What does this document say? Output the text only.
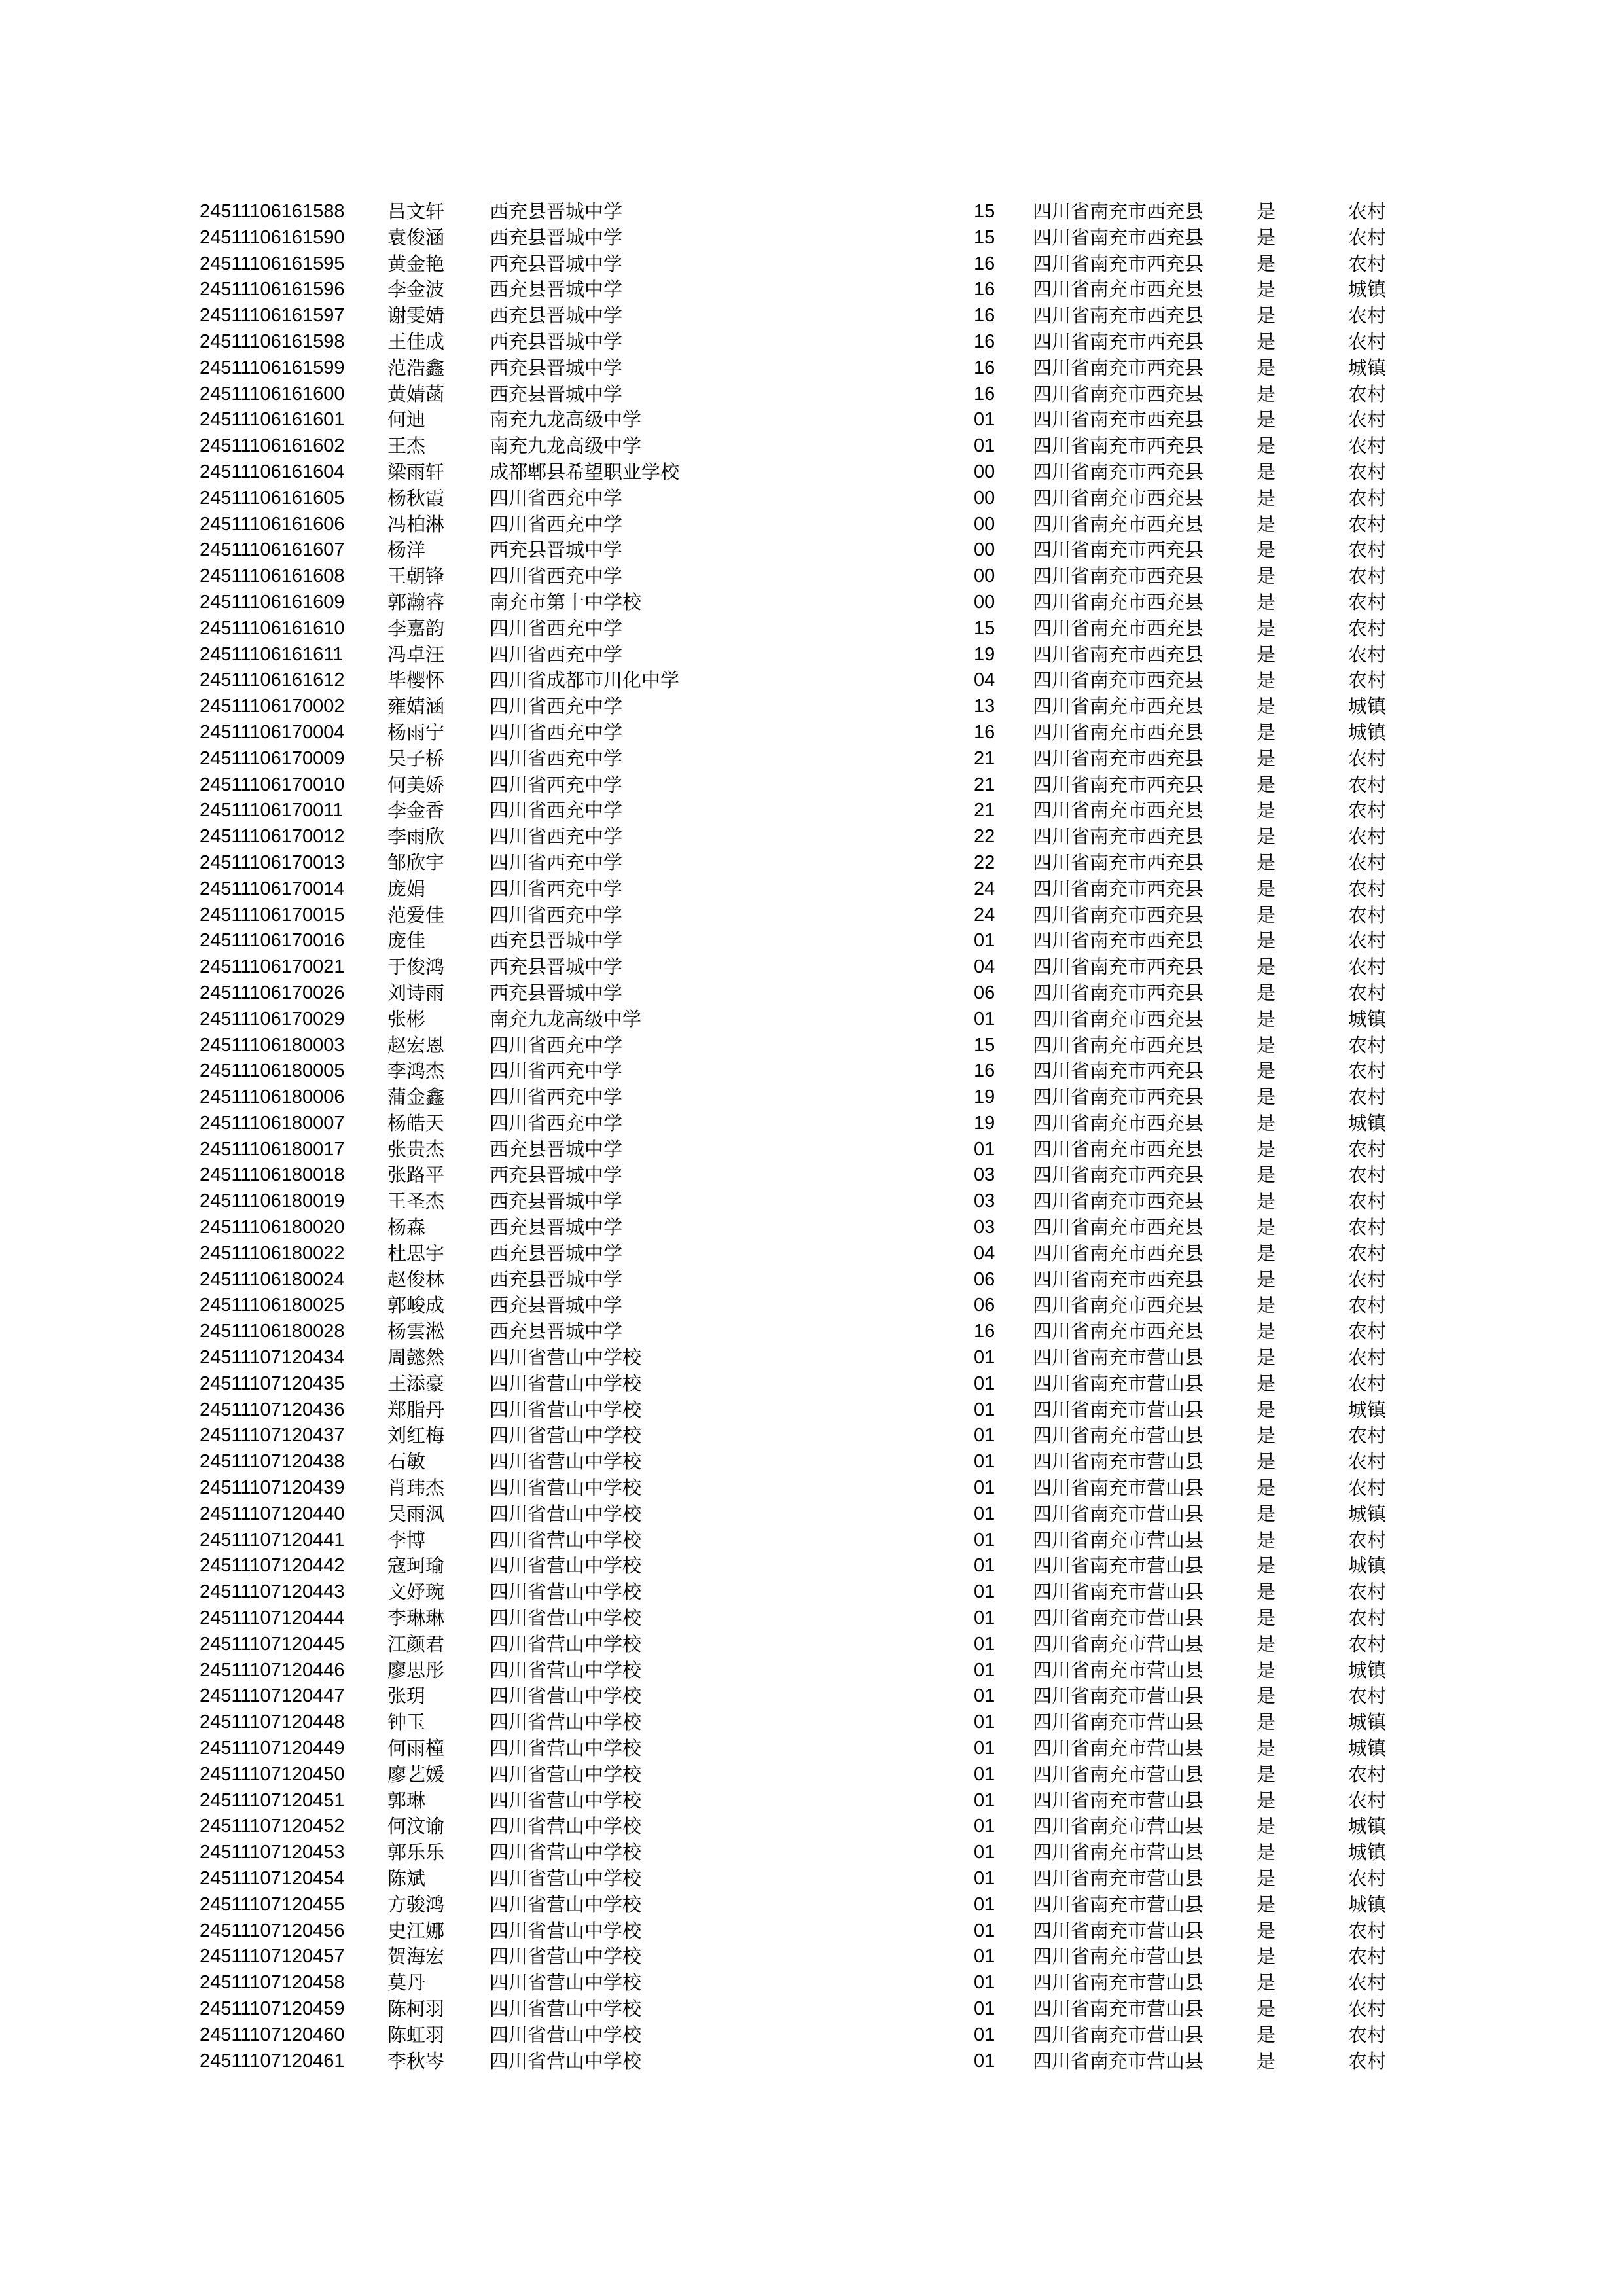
24511106161588 吕文轩 西充县晋城中学	15 四川省南充市西充县	是	农村
24511106161590 袁俊涵 西充县晋城中学	15 四川省南充市西充县	是	农村
24511106161595 黄金艳 西充县晋城中学	16 四川省南充市西充县	是	农村
24511106161596 李金波 西充县晋城中学	16 四川省南充市西充县	是	城镇
24511106161597 谢雯婧 西充县晋城中学	16 四川省南充市西充县	是	农村
24511106161598 王佳成 西充县晋城中学	16 四川省南充市西充县	是	农村
24511106161599 范浩鑫 西充县晋城中学	16 四川省南充市西充县	是	城镇
24511106161600 黄婧菡 西充县晋城中学	16 四川省南充市西充县	是	农村
24511106161601 何迪	南充九龙高级中学	01 四川省南充市西充县	是	农村
24511106161602 王杰	南充九龙高级中学	01 四川省南充市西充县	是	农村
24511106161604 梁雨轩 成都郫县希望职业学校	00 四川省南充市西充县	是	农村
24511106161605 杨秋霞 四川省西充中学	00 四川省南充市西充县	是	农村
24511106161606 冯柏淋 四川省西充中学	00 四川省南充市西充县	是	农村
24511106161607 杨洋	西充县晋城中学	00 四川省南充市西充县	是	农村
24511106161608 王朝锋 四川省西充中学	00 四川省南充市西充县	是	农村
24511106161609 郭瀚睿 南充市第十中学校	00 四川省南充市西充县	是	农村
24511106161610 李嘉韵 四川省西充中学	15 四川省南充市西充县	是	农村
24511106161611 冯卓汪 四川省西充中学	19 四川省南充市西充县	是	农村
24511106161612 毕樱怀 四川省成都市川化中学	04 四川省南充市西充县	是	农村
24511106170002 雍婧涵 四川省西充中学	13 四川省南充市西充县	是	城镇
24511106170004 杨雨宁 四川省西充中学	16 四川省南充市西充县	是	城镇
24511106170009 吴子桥 四川省西充中学	21 四川省南充市西充县	是	农村
24511106170010 何美娇 四川省西充中学	21 四川省南充市西充县	是	农村
24511106170011 李金香 四川省西充中学	21 四川省南充市西充县	是	农村
24511106170012 李雨欣 四川省西充中学	22 四川省南充市西充县	是	农村
24511106170013 邹欣宇 四川省西充中学	22 四川省南充市西充县	是	农村
24511106170014 庞娟	四川省西充中学	24 四川省南充市西充县	是	农村
24511106170015 范爱佳 四川省西充中学	24 四川省南充市西充县	是	农村
24511106170016 庞佳	西充县晋城中学	01 四川省南充市西充县	是	农村
24511106170021 于俊鸿 西充县晋城中学	04 四川省南充市西充县	是	农村
24511106170026 刘诗雨 西充县晋城中学	06 四川省南充市西充县	是	农村
24511106170029 张彬	南充九龙高级中学	01 四川省南充市西充县	是	城镇
24511106180003 赵宏恩 四川省西充中学	15 四川省南充市西充县	是	农村
24511106180005 李鸿杰 四川省西充中学	16 四川省南充市西充县	是	农村
24511106180006 蒲金鑫 四川省西充中学	19 四川省南充市西充县	是	农村
24511106180007 杨皓天 四川省西充中学	19 四川省南充市西充县	是	城镇
24511106180017 张贵杰 西充县晋城中学	01 四川省南充市西充县	是	农村
24511106180018 张路平 西充县晋城中学	03 四川省南充市西充县	是	农村
24511106180019 王圣杰 西充县晋城中学	03 四川省南充市西充县	是	农村
24511106180020 杨森	西充县晋城中学	03 四川省南充市西充县	是	农村
24511106180022 杜思宇 西充县晋城中学	04 四川省南充市西充县	是	农村
24511106180024 赵俊林 西充县晋城中学	06 四川省南充市西充县	是	农村
24511106180025 郭峻成 西充县晋城中学	06 四川省南充市西充县	是	农村
24511106180028 杨雲淞 西充县晋城中学	16 四川省南充市西充县	是	农村
24511107120434 周懿然 四川省营山中学校	01 四川省南充市营山县	是	农村
24511107120435 王添豪 四川省营山中学校	01 四川省南充市营山县	是	农村
24511107120436 郑脂丹 四川省营山中学校	01 四川省南充市营山县	是	城镇
24511107120437 刘红梅 四川省营山中学校	01 四川省南充市营山县	是	农村
24511107120438 石敏	四川省营山中学校	01 四川省南充市营山县	是	农村
24511107120439 肖玮杰 四川省营山中学校	01 四川省南充市营山县	是	农村
24511107120440 吴雨沨 四川省营山中学校	01 四川省南充市营山县	是	城镇
24511107120441 李博	四川省营山中学校	01 四川省南充市营山县	是	农村
24511107120442 寇珂瑜 四川省营山中学校	01 四川省南充市营山县	是	城镇
24511107120443 文妤琬 四川省营山中学校	01 四川省南充市营山县	是	农村
24511107120444 李琳琳 四川省营山中学校	01 四川省南充市营山县	是	农村
24511107120445 江颜君 四川省营山中学校	01 四川省南充市营山县	是	农村
24511107120446 廖思彤 四川省营山中学校	01 四川省南充市营山县	是	城镇
24511107120447 张玥	四川省营山中学校	01 四川省南充市营山县	是	农村
24511107120448 钟玉	四川省营山中学校	01 四川省南充市营山县	是	城镇
24511107120449 何雨橦 四川省营山中学校	01 四川省南充市营山县	是	城镇
24511107120450 廖艺媛 四川省营山中学校	01 四川省南充市营山县	是	农村
24511107120451 郭琳	四川省营山中学校	01 四川省南充市营山县	是	农村
24511107120452 何汶谕 四川省营山中学校	01 四川省南充市营山县	是	城镇
24511107120453 郭乐乐 四川省营山中学校	01 四川省南充市营山县	是	城镇
24511107120454 陈斌	四川省营山中学校	01 四川省南充市营山县	是	农村
24511107120455 方骏鸿 四川省营山中学校	01 四川省南充市营山县	是	城镇
24511107120456 史江娜 四川省营山中学校	01 四川省南充市营山县	是	农村
24511107120457 贺海宏 四川省营山中学校	01 四川省南充市营山县	是	农村
24511107120458 莫丹	四川省营山中学校	01 四川省南充市营山县	是	农村
24511107120459 陈柯羽 四川省营山中学校	01 四川省南充市营山县	是	农村
24511107120460 陈虹羽 四川省营山中学校	01 四川省南充市营山县	是	农村
24511107120461 李秋岑 四川省营山中学校	01 四川省南充市营山县	是	农村
